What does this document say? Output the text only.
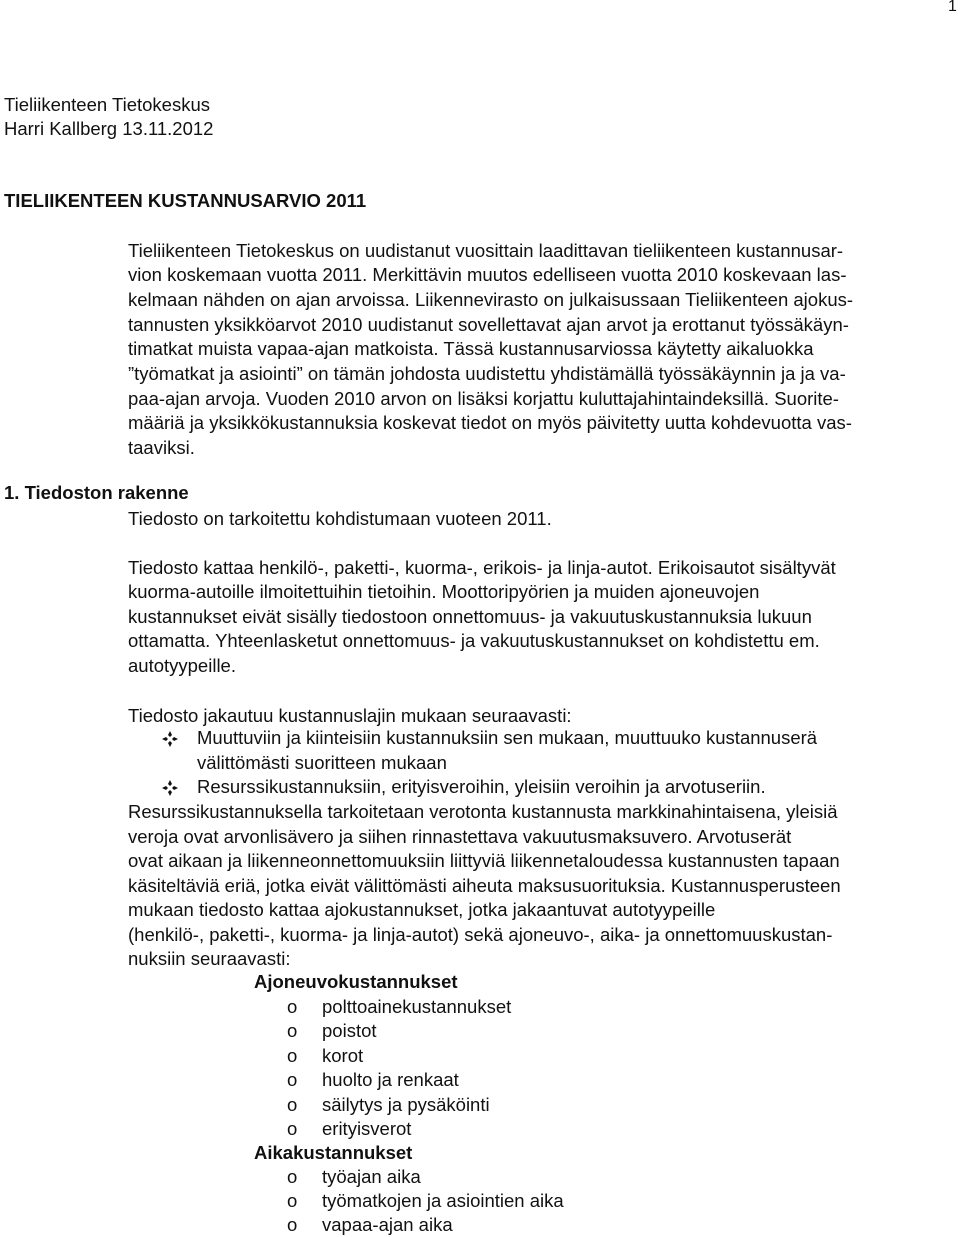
1
Tieliikenteen Tietokeskus
Harri Kallberg 13.11.2012
TIELIIKENTEEN KUSTANNUSARVIO 2011
Tieliikenteen Tietokeskus on uudistanut vuosittain laadittavan tieliikenteen kustannusar-
vion koskemaan vuotta 2011. Merkittävin muutos edelliseen vuotta 2010 koskevaan las-
kelmaan nähden on ajan arvoissa. Liikennevirasto on julkaisussaan Tieliikenteen ajokus-
tannusten yksikköarvot 2010 uudistanut sovellettavat ajan arvot ja erottanut työssäkäyn-
timatkat muista vapaa-ajan matkoista. Tässä kustannusarviossa käytetty aikaluokka
”työmatkat ja asiointi” on tämän johdosta uudistettu yhdistämällä työssäkäynnin ja ja va-
paa-ajan arvoja. Vuoden 2010 arvon on lisäksi korjattu kuluttajahintaindeksillä. Suorite-
määriä ja yksikkökustannuksia koskevat tiedot on myös päivitetty uutta kohdevuotta vas-
taaviksi.
1. Tiedoston rakenne
Tiedosto on tarkoitettu kohdistumaan vuoteen 2011.
Tiedosto kattaa henkilö-, paketti-, kuorma-, erikois- ja linja-autot. Erikoisautot sisältyvät
kuorma-autoille ilmoitettuihin tietoihin. Moottoripyörien ja muiden ajoneuvojen
kustannukset eivät sisälly tiedostoon onnettomuus- ja vakuutuskustannuksia lukuun
ottamatta. Yhteenlasketut onnettomuus- ja vakuutuskustannukset on kohdistettu em.
autotyypeille.
Tiedosto jakautuu kustannuslajin mukaan seuraavasti:
Muuttuviin ja kiinteisiin kustannuksiin sen mukaan, muuttuuko kustannuserä
välittömästi suoritteen mukaan
Resurssikustannuksiin, erityisveroihin, yleisiin veroihin ja arvotuseriin.
Resurssikustannuksella tarkoitetaan verotonta kustannusta markkinahintaisena, yleisiä
veroja ovat arvonlisävero ja siihen rinnastettava vakuutusmaksuvero. Arvotuserät
ovat aikaan ja liikenneonnettomuuksiin liittyviä liikennetaloudessa kustannusten tapaan
käsiteltäviä eriä, jotka eivät välittömästi aiheuta maksusuorituksia. Kustannusperusteen
mukaan tiedosto kattaa ajokustannukset, jotka jakaantuvat autotyypeille
(henkilö-, paketti-, kuorma- ja linja-autot) sekä ajoneuvo-, aika- ja onnettomuuskustan-
nuksiin seuraavasti:
Ajoneuvokustannukset
o polttoainekustannukset
o poistot
o korot
o huolto ja renkaat
o säilytys ja pysäköinti
o erityisverot
Aikakustannukset
o työajan aika
o työmatkojen ja asiointien aika
o vapaa-ajan aika
